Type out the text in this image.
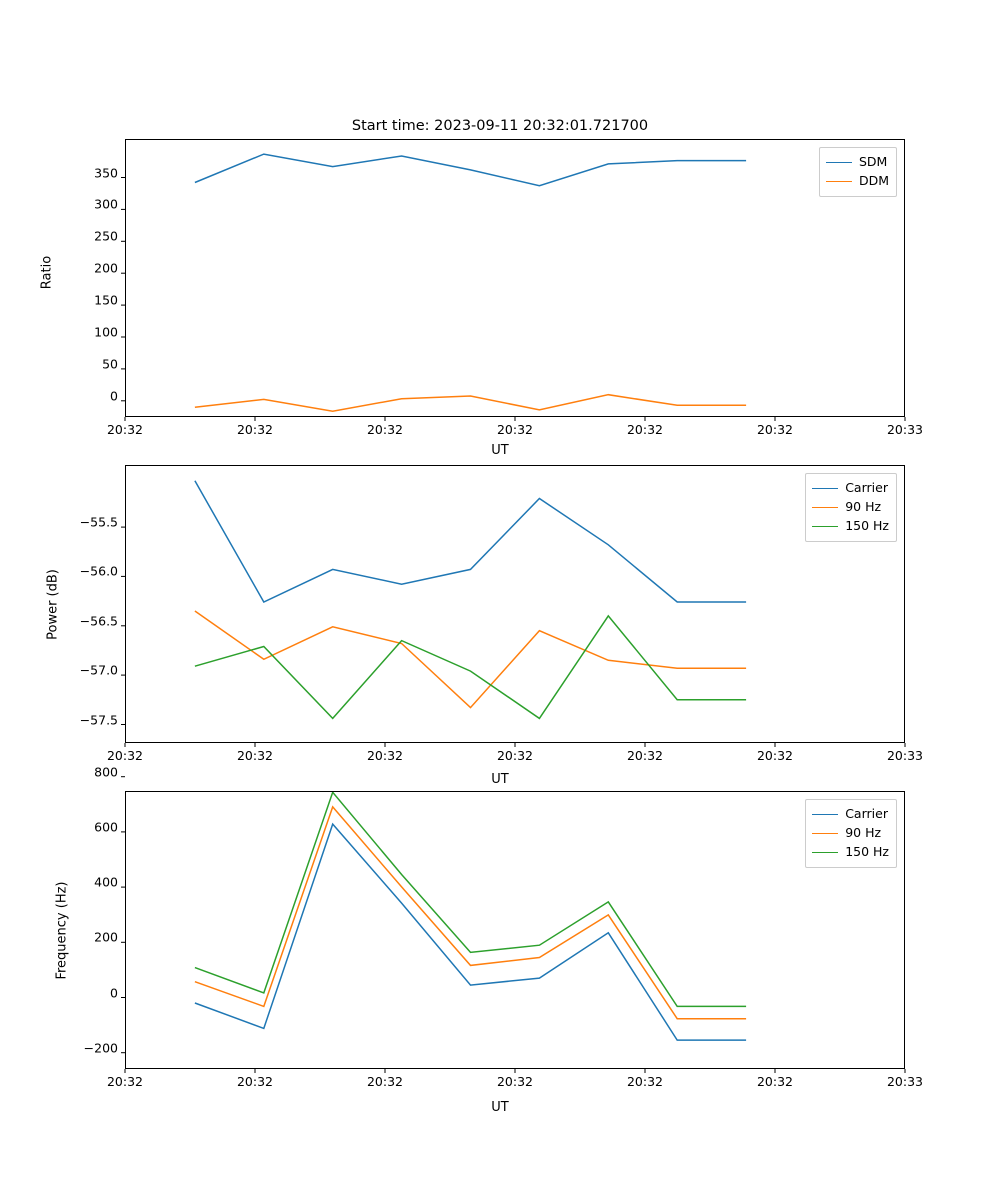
Start time: 2023-09-11 20:32:01.721700
Ratio
UT
SDM
DDM
0
50
100
150
200
250
300
350
20:32	20:32	20:32	20:32	20:32	20:32	20:33
Power (dB)
UT
Carrier
90 Hz
150 Hz
−57.5
−57.0
−56.5
−56.0
−55.5
20:32	20:32	20:32	20:32	20:32	20:32	20:33
Frequency (Hz)
UT
Carrier
90 Hz
150 Hz
−200
0
200
400
600
800
20:32	20:32	20:32	20:32	20:32	20:32	20:33
